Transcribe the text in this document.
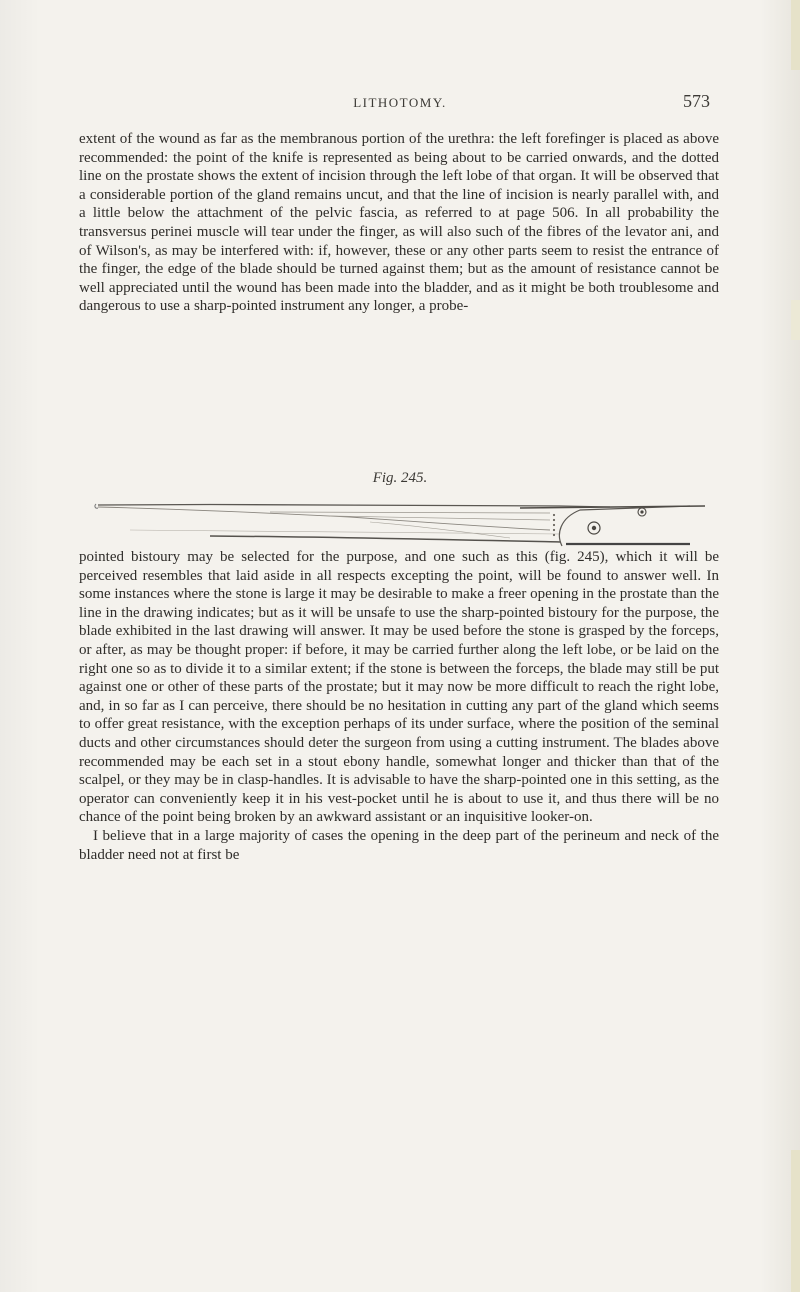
LITHOTOMY.	573

extent of the wound as far as the membranous portion of the urethra: the left forefinger is placed as above recommended: the point of the knife is represented as being about to be carried onwards, and the dotted line on the prostate shows the extent of incision through the left lobe of that organ. It will be observed that a considerable portion of the gland remains uncut, and that the line of incision is nearly parallel with, and a little below the attachment of the pelvic fascia, as referred to at page 506. In all probability the transversus perinei muscle will tear under the finger, as will also such of the fibres of the levator ani, and of Wilson's, as may be interfered with: if, however, these or any other parts seem to resist the entrance of the finger, the edge of the blade should be turned against them; but as the amount of resistance cannot be well appreciated until the wound has been made into the bladder, and as it might be both troublesome and dangerous to use a sharp-pointed instrument any longer, a probe-

Fig. 245.

pointed bistoury may be selected for the purpose, and one such as this (fig. 245), which it will be perceived resembles that laid aside in all respects excepting the point, will be found to answer well. In some instances where the stone is large it may be desirable to make a freer opening in the prostate than the line in the drawing indicates; but as it will be unsafe to use the sharp-pointed bistoury for the purpose, the blade exhibited in the last drawing will answer. It may be used before the stone is grasped by the forceps, or after, as may be thought proper: if before, it may be carried further along the left lobe, or be laid on the right one so as to divide it to a similar extent; if the stone is between the forceps, the blade may still be put against one or other of these parts of the prostate; but it may now be more difficult to reach the right lobe, and, in so far as I can perceive, there should be no hesitation in cutting any part of the gland which seems to offer great resistance, with the exception perhaps of its under surface, where the position of the seminal ducts and other circumstances should deter the surgeon from using a cutting instrument. The blades above recommended may be each set in a stout ebony handle, somewhat longer and thicker than that of the scalpel, or they may be in clasp-handles. It is advisable to have the sharp-pointed one in this setting, as the operator can conveniently keep it in his vest-pocket until he is about to use it, and thus there will be no chance of the point being broken by an awkward assistant or an inquisitive looker-on.

I believe that in a large majority of cases the opening in the deep part of the perineum and neck of the bladder need not at first be
